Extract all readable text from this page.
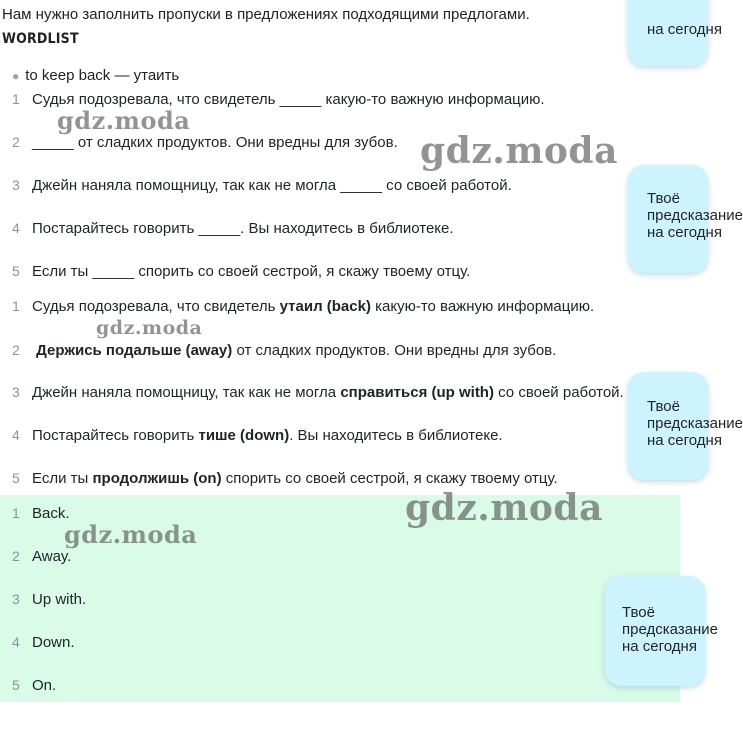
Нам нужно заполнить пропуски в предложениях подходящими предлогами.
WORDLIST
● to keep back — утаить
1 Судья подозревала, что свидетель _____ какую-то важную информацию.
2 _____ от сладких продуктов. Они вредны для зубов.
3 Джейн наняла помощницу, так как не могла _____ со своей работой.
4 Постарайтесь говорить _____. Вы находитесь в библиотеке.
5 Если ты _____ спорить со своей сестрой, я скажу твоему отцу.
1 Судья подозревала, что свидетель утаил (back) какую-то важную информацию.
2 Держись подальше (away) от сладких продуктов. Они вредны для зубов.
3 Джейн наняла помощницу, так как не могла справиться (up with) со своей работой.
4 Постарайтесь говорить тише (down). Вы находитесь в библиотеке.
5 Если ты продолжишь (on) спорить со своей сестрой, я скажу твоему отцу.
1 Back.
2 Away.
3 Up with.
4 Down.
5 On.
на сегодня
Твоё
предсказание
на сегодня
Твоё
предсказание
на сегодня
Твоё
предсказание
на сегодня
gdz.moda
gdz.moda
gdz.moda
gdz.moda
gdz.moda
